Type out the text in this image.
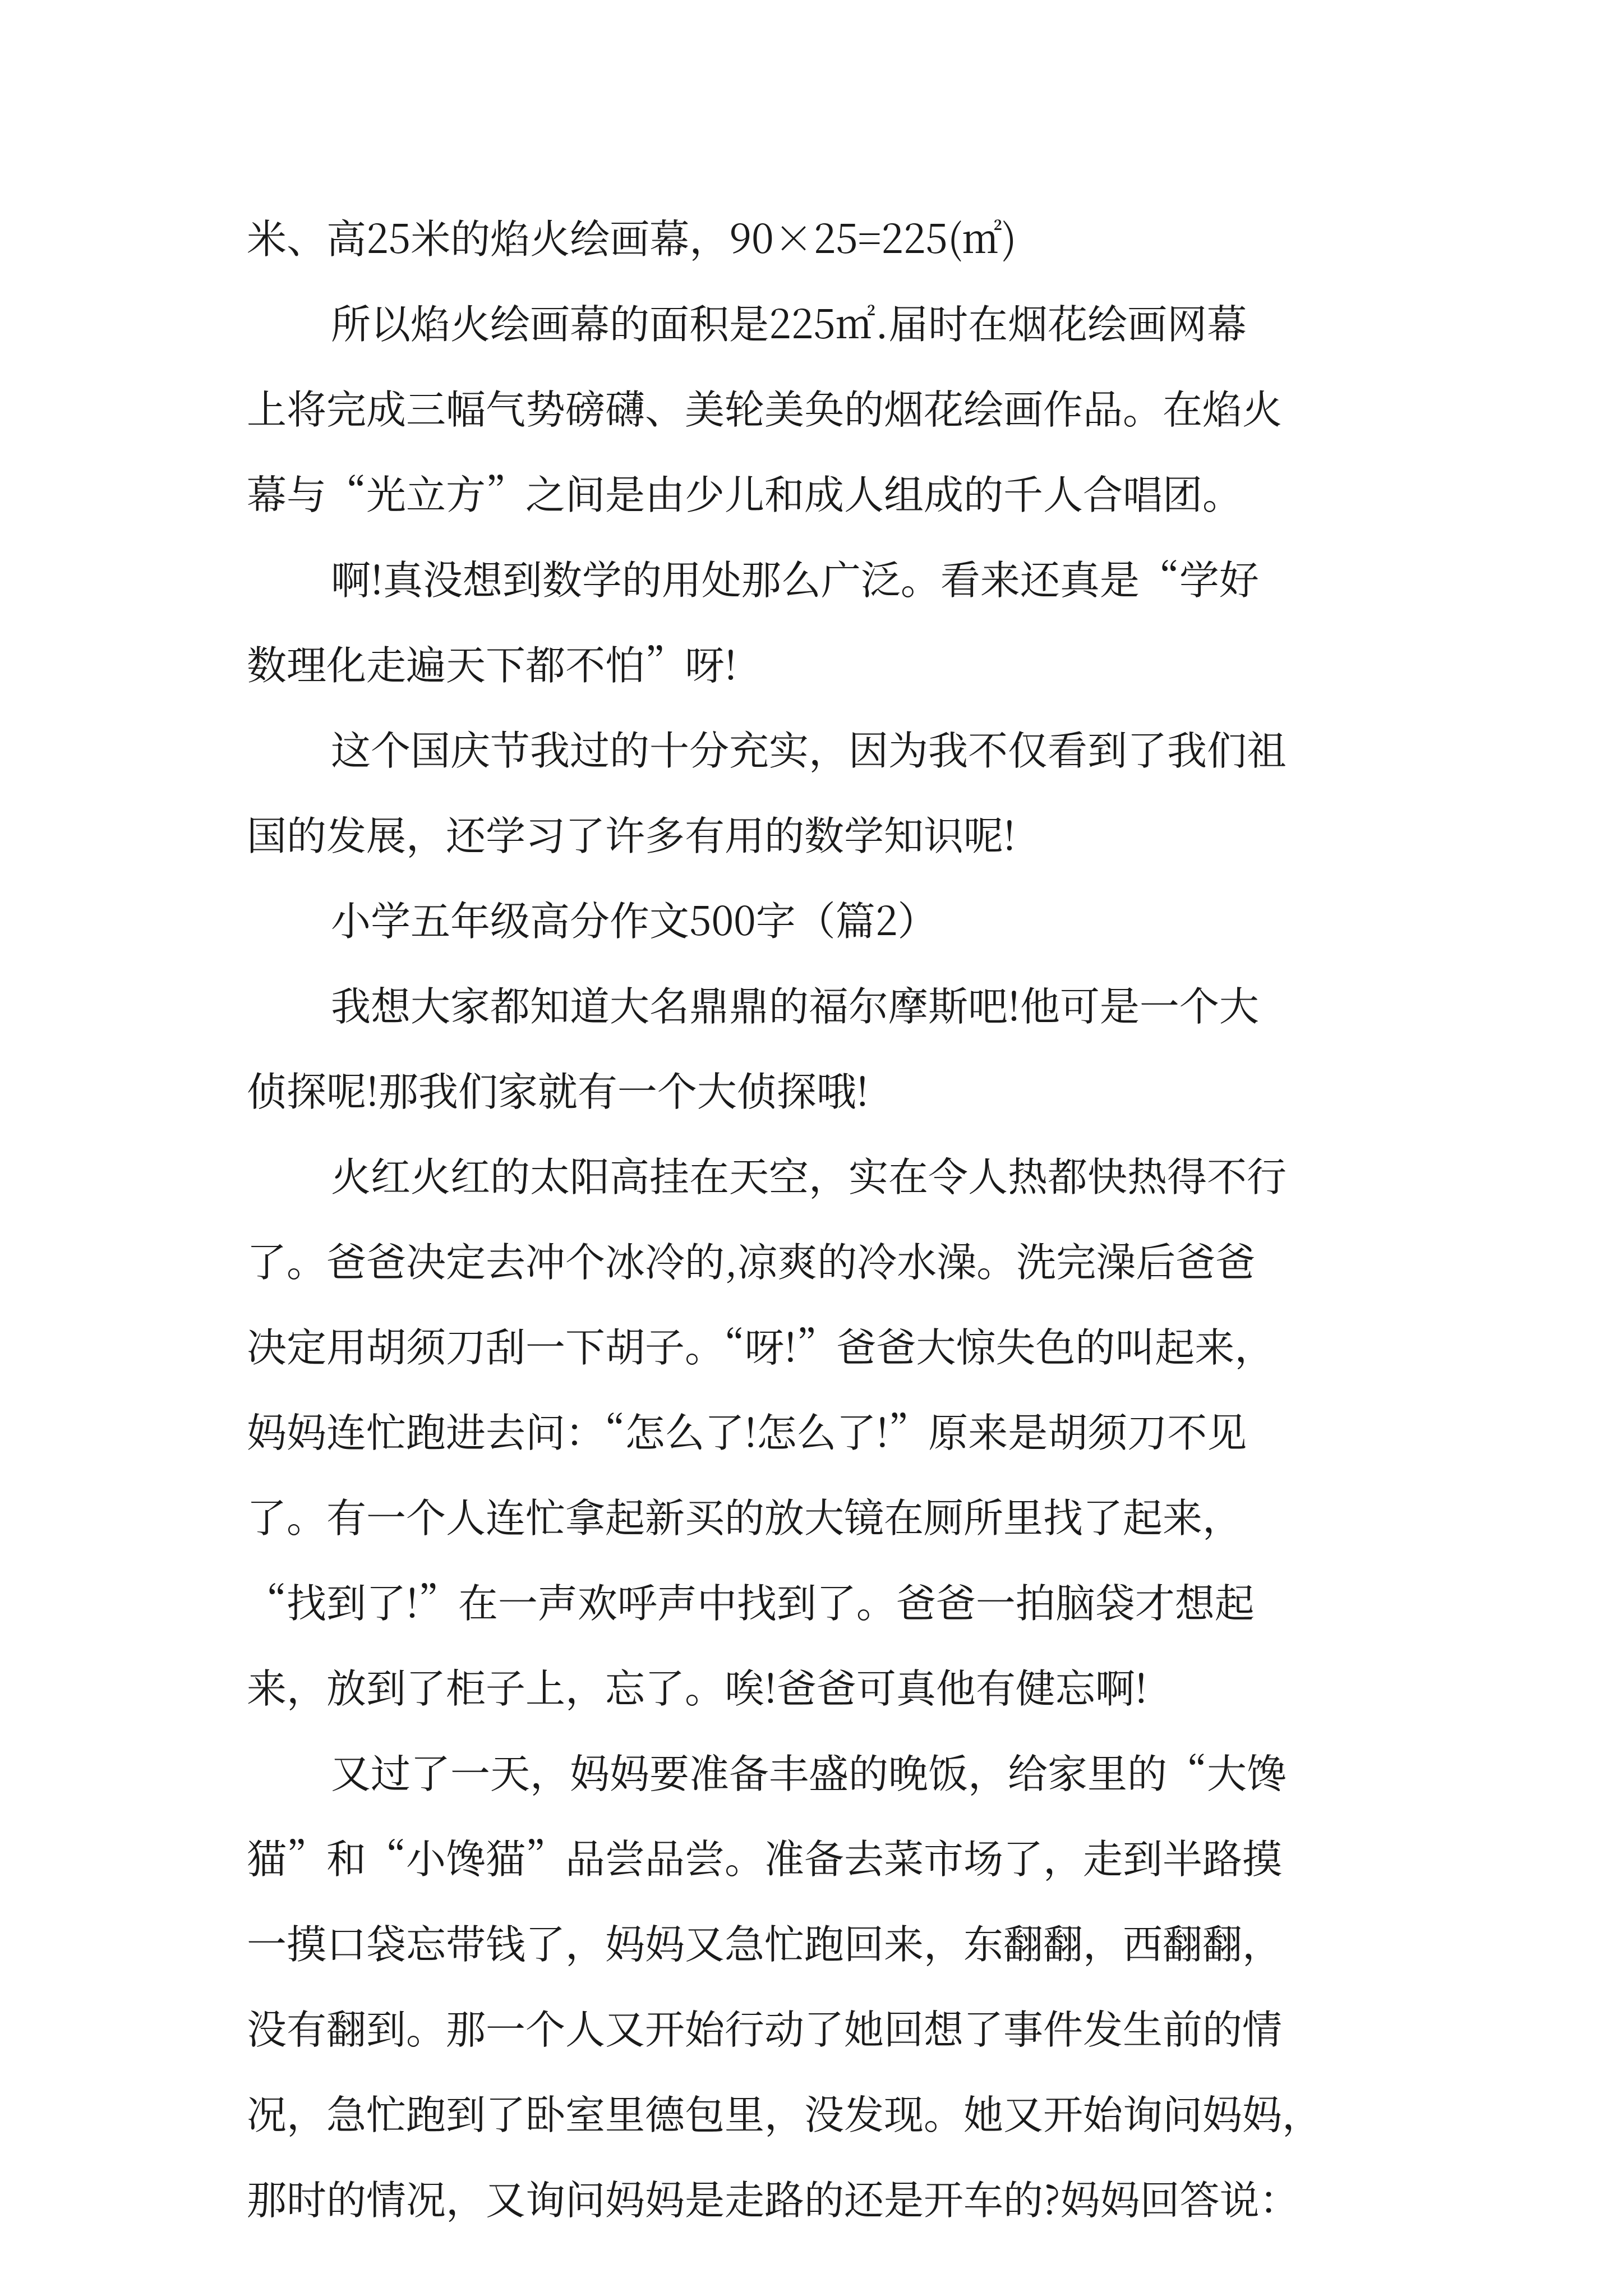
米、高25米的焰火绘画幕，90×25=225(㎡)
所以焰火绘画幕的面积是225㎡.届时在烟花绘画网幕
上将完成三幅气势磅礴、美轮美奂的烟花绘画作品。在焰火
幕与“光立方”之间是由少儿和成人组成的千人合唱团。
啊!真没想到数学的用处那么广泛。看来还真是“学好
数理化走遍天下都不怕”呀!
这个国庆节我过的十分充实，因为我不仅看到了我们祖
国的发展，还学习了许多有用的数学知识呢!
小学五年级高分作文500字（篇2）
我想大家都知道大名鼎鼎的福尔摩斯吧!他可是一个大
侦探呢!那我们家就有一个大侦探哦!
火红火红的太阳高挂在天空，实在令人热都快热得不行
了。爸爸决定去冲个冰冷的,凉爽的冷水澡。洗完澡后爸爸
决定用胡须刀刮一下胡子。“呀!”爸爸大惊失色的叫起来，
妈妈连忙跑进去问：“怎么了!怎么了!”原来是胡须刀不见
了。有一个人连忙拿起新买的放大镜在厕所里找了起来，
“找到了!”在一声欢呼声中找到了。爸爸一拍脑袋才想起
来，放到了柜子上，忘了。唉!爸爸可真他有健忘啊!
又过了一天，妈妈要准备丰盛的晚饭，给家里的“大馋
猫”和“小馋猫”品尝品尝。准备去菜市场了，走到半路摸
一摸口袋忘带钱了，妈妈又急忙跑回来，东翻翻，西翻翻，
没有翻到。那一个人又开始行动了她回想了事件发生前的情
况，急忙跑到了卧室里德包里，没发现。她又开始询问妈妈，
那时的情况，又询问妈妈是走路的还是开车的?妈妈回答说：
